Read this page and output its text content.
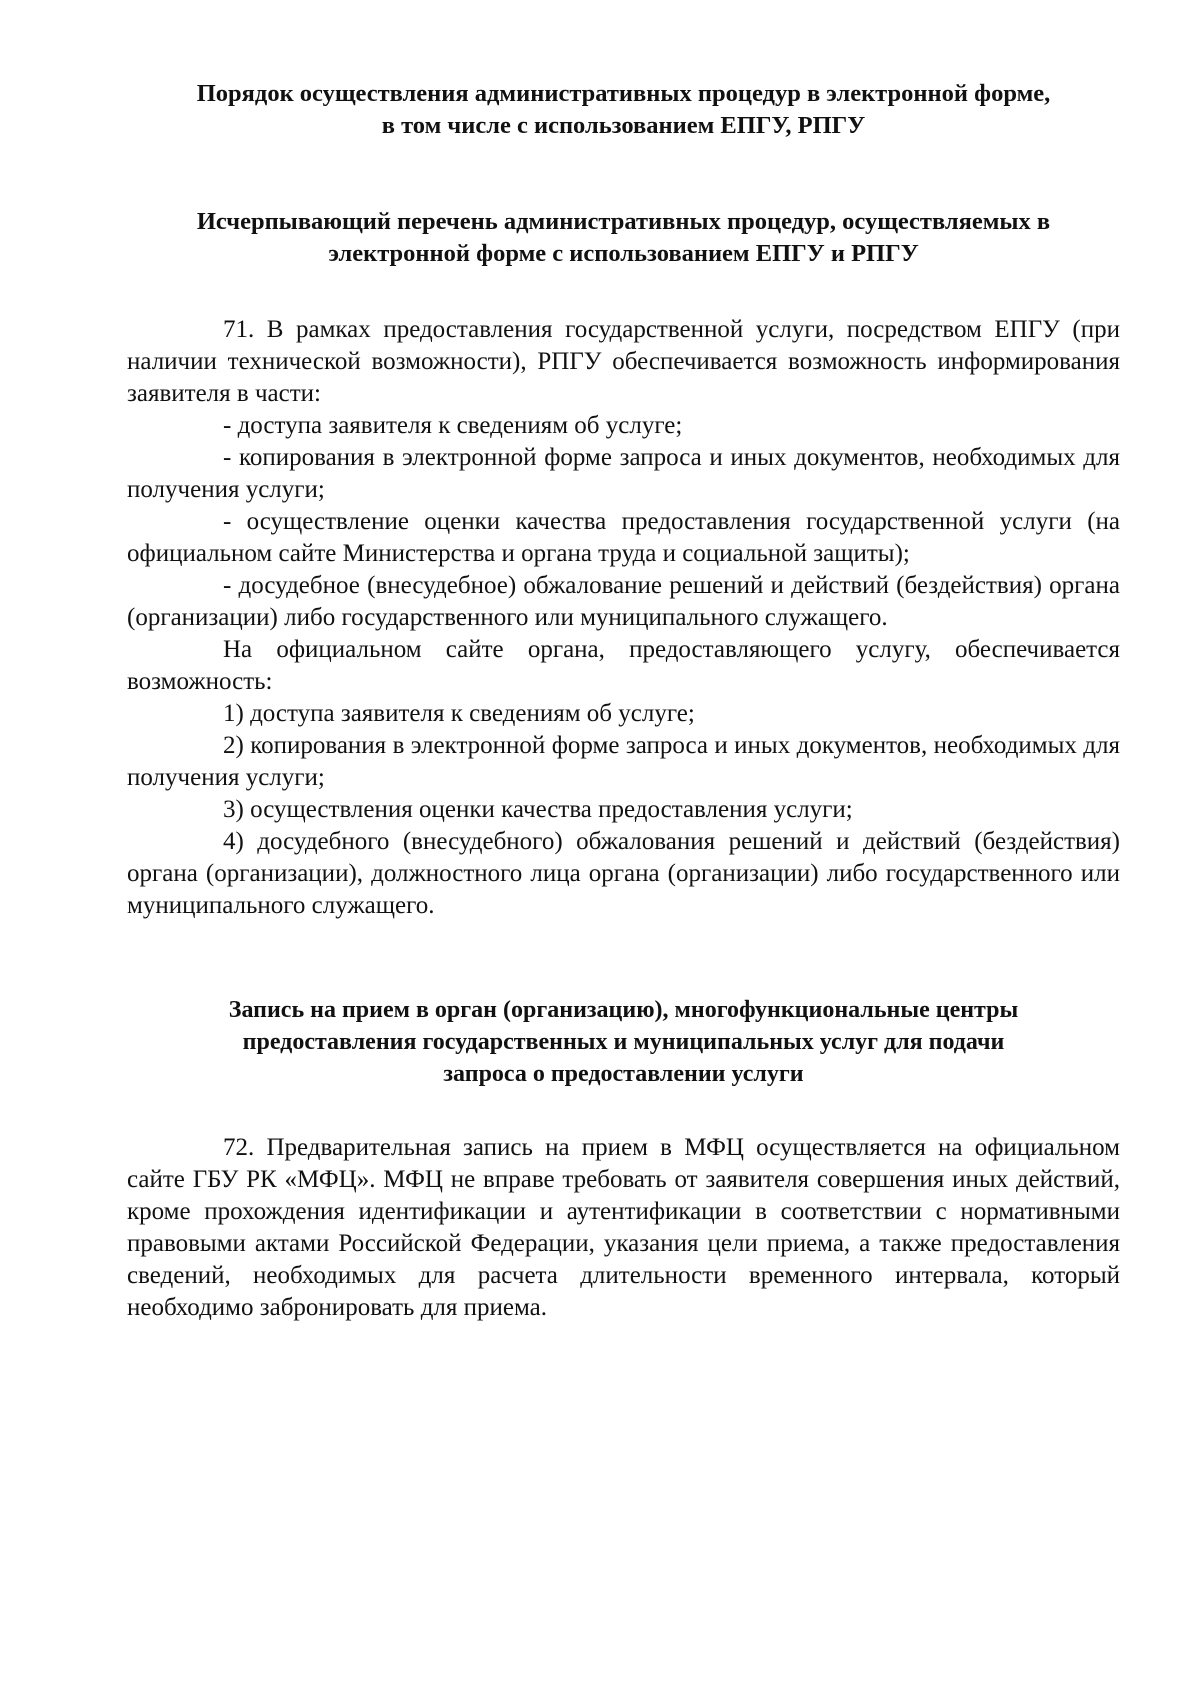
Порядок осуществления административных процедур в электронной форме,
в том числе с использованием ЕПГУ, РПГУ
Исчерпывающий перечень административных процедур, осуществляемых в
электронной форме с использованием ЕПГУ и РПГУ

71. В рамках предоставления государственной услуги, посредством ЕПГУ (при наличии технической возможности), РПГУ обеспечивается возможность информирования заявителя в части:

- доступа заявителя к сведениям об услуге;

- копирования в электронной форме запроса и иных документов, необходимых для получения услуги;

- осуществление оценки качества предоставления государственной услуги (на официальном сайте Министерства и органа труда и социальной защиты);

- досудебное (внесудебное) обжалование решений и действий (бездействия) органа (организации) либо государственного или муниципального служащего.

На официальном сайте органа, предоставляющего услугу, обеспечивается возможность:

1) доступа заявителя к сведениям об услуге;

2) копирования в электронной форме запроса и иных документов, необходимых для получения услуги;

3) осуществления оценки качества предоставления услуги;

4) досудебного (внесудебного) обжалования решений и действий (бездействия) органа (организации), должностного лица органа (организации) либо государственного или муниципального служащего.

Запись на прием в орган (организацию), многофункциональные центры
предоставления государственных и муниципальных услуг для подачи
запроса о предоставлении услуги

72. Предварительная запись на прием в МФЦ осуществляется на официальном сайте ГБУ РК «МФЦ». МФЦ не вправе требовать от заявителя совершения иных действий, кроме прохождения идентификации и аутентификации в соответствии с нормативными правовыми актами Российской Федерации, указания цели приема, а также предоставления сведений, необходимых для расчета длительности временного интервала, который необходимо забронировать для приема.
